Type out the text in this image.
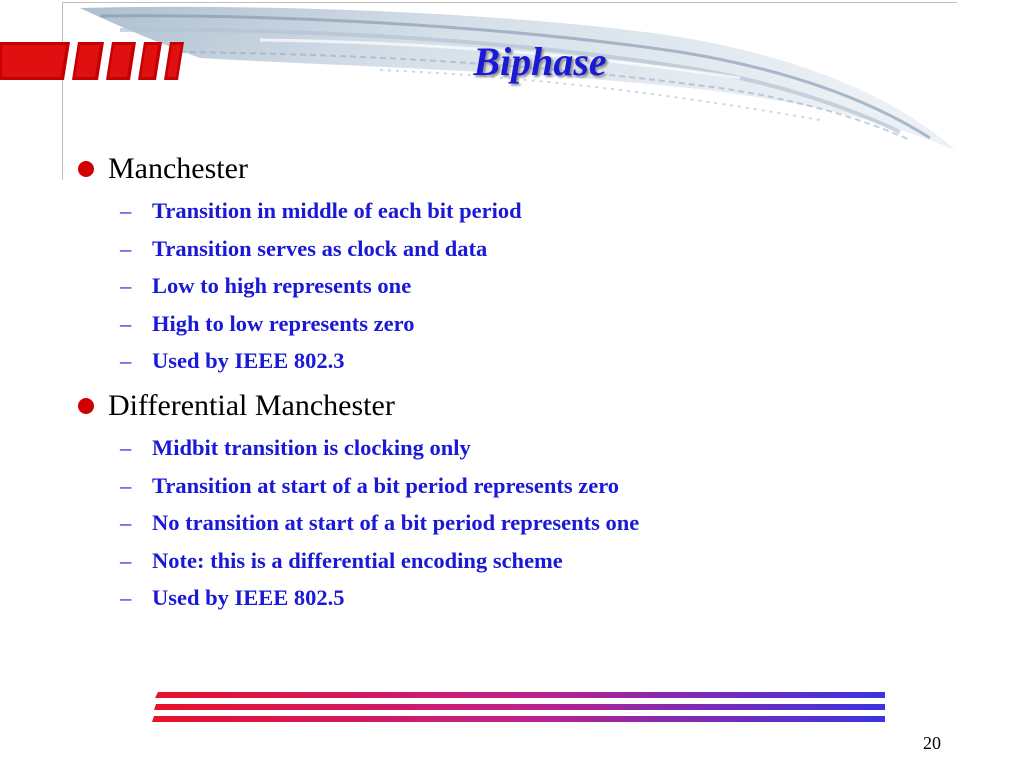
Biphase
Manchester
– Transition in middle of each bit period
– Transition serves as clock and data
– Low to high represents one
– High to low represents zero
– Used by IEEE 802.3
Differential Manchester
– Midbit transition is clocking only
– Transition at start of a bit period represents zero
– No transition at start of a bit period represents one
– Note: this is a differential encoding scheme
– Used by IEEE 802.5
20
